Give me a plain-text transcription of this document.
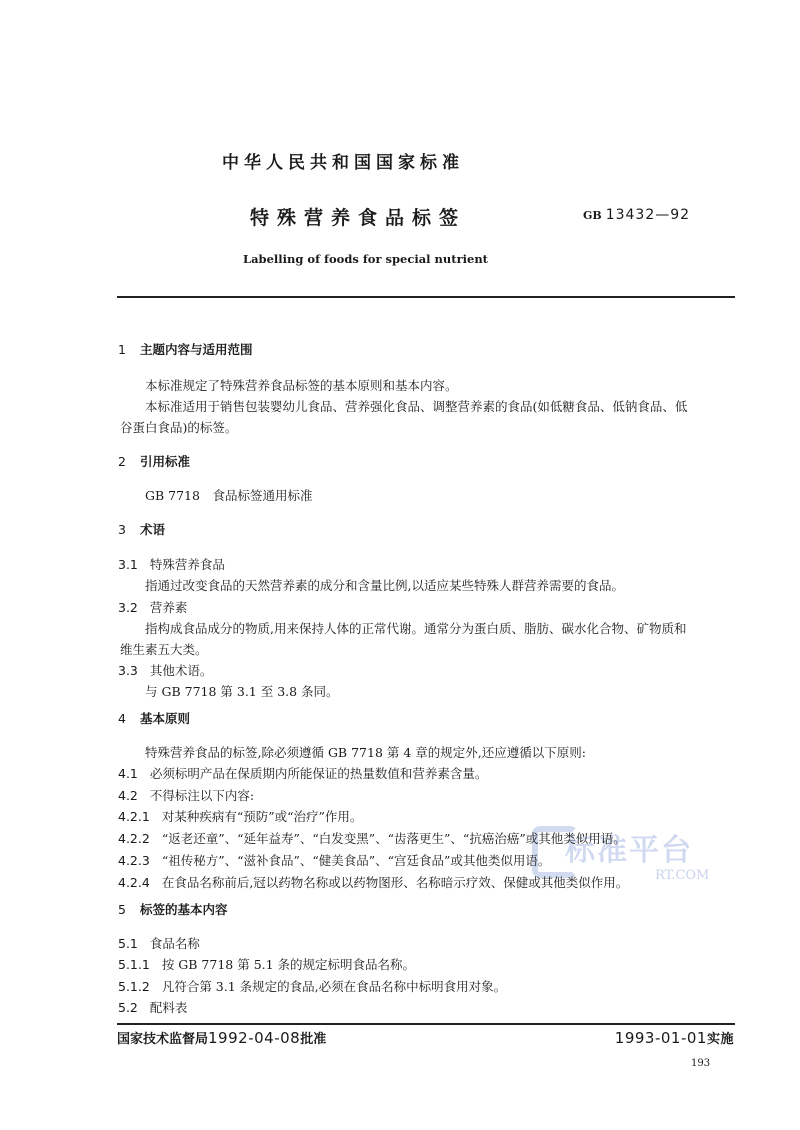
标准平台
RT.COM
中华人民共和国国家标准
特殊营养食品标签	GB 13432—92
Labelling of foods for special nutrient
1 主题内容与适用范围
本标准规定了特殊营养食品标签的基本原则和基本内容。
本标准适用于销售包装婴幼儿食品、营养强化食品、调整营养素的食品(如低糖食品、低钠食品、低
谷蛋白食品)的标签。
2 引用标准
GB 7718　食品标签通用标准
3 术语
3.1 特殊营养食品
指通过改变食品的天然营养素的成分和含量比例,以适应某些特殊人群营养需要的食品。
3.2 营养素
指构成食品成分的物质,用来保持人体的正常代谢。通常分为蛋白质、脂肪、碳水化合物、矿物质和
维生素五大类。
3.3 其他术语。
与 GB 7718 第 3.1 至 3.8 条同。
4 基本原则
特殊营养食品的标签,除必须遵循 GB 7718 第 4 章的规定外,还应遵循以下原则:
4.1 必须标明产品在保质期内所能保证的热量数值和营养素含量。
4.2 不得标注以下内容:
4.2.1 对某种疾病有“预防”或“治疗”作用。
4.2.2 “返老还童”、“延年益寿”、“白发变黑”、“齿落更生”、“抗癌治癌”或其他类似用语。
4.2.3 “祖传秘方”、“滋补食品”、“健美食品”、“宫廷食品”或其他类似用语。
4.2.4 在食品名称前后,冠以药物名称或以药物图形、名称暗示疗效、保健或其他类似作用。
5 标签的基本内容
5.1 食品名称
5.1.1 按 GB 7718 第 5.1 条的规定标明食品名称。
5.1.2 凡符合第 3.1 条规定的食品,必须在食品名称中标明食用对象。
5.2 配料表
国家技术监督局1992-04-08批准	1993-01-01实施
193
